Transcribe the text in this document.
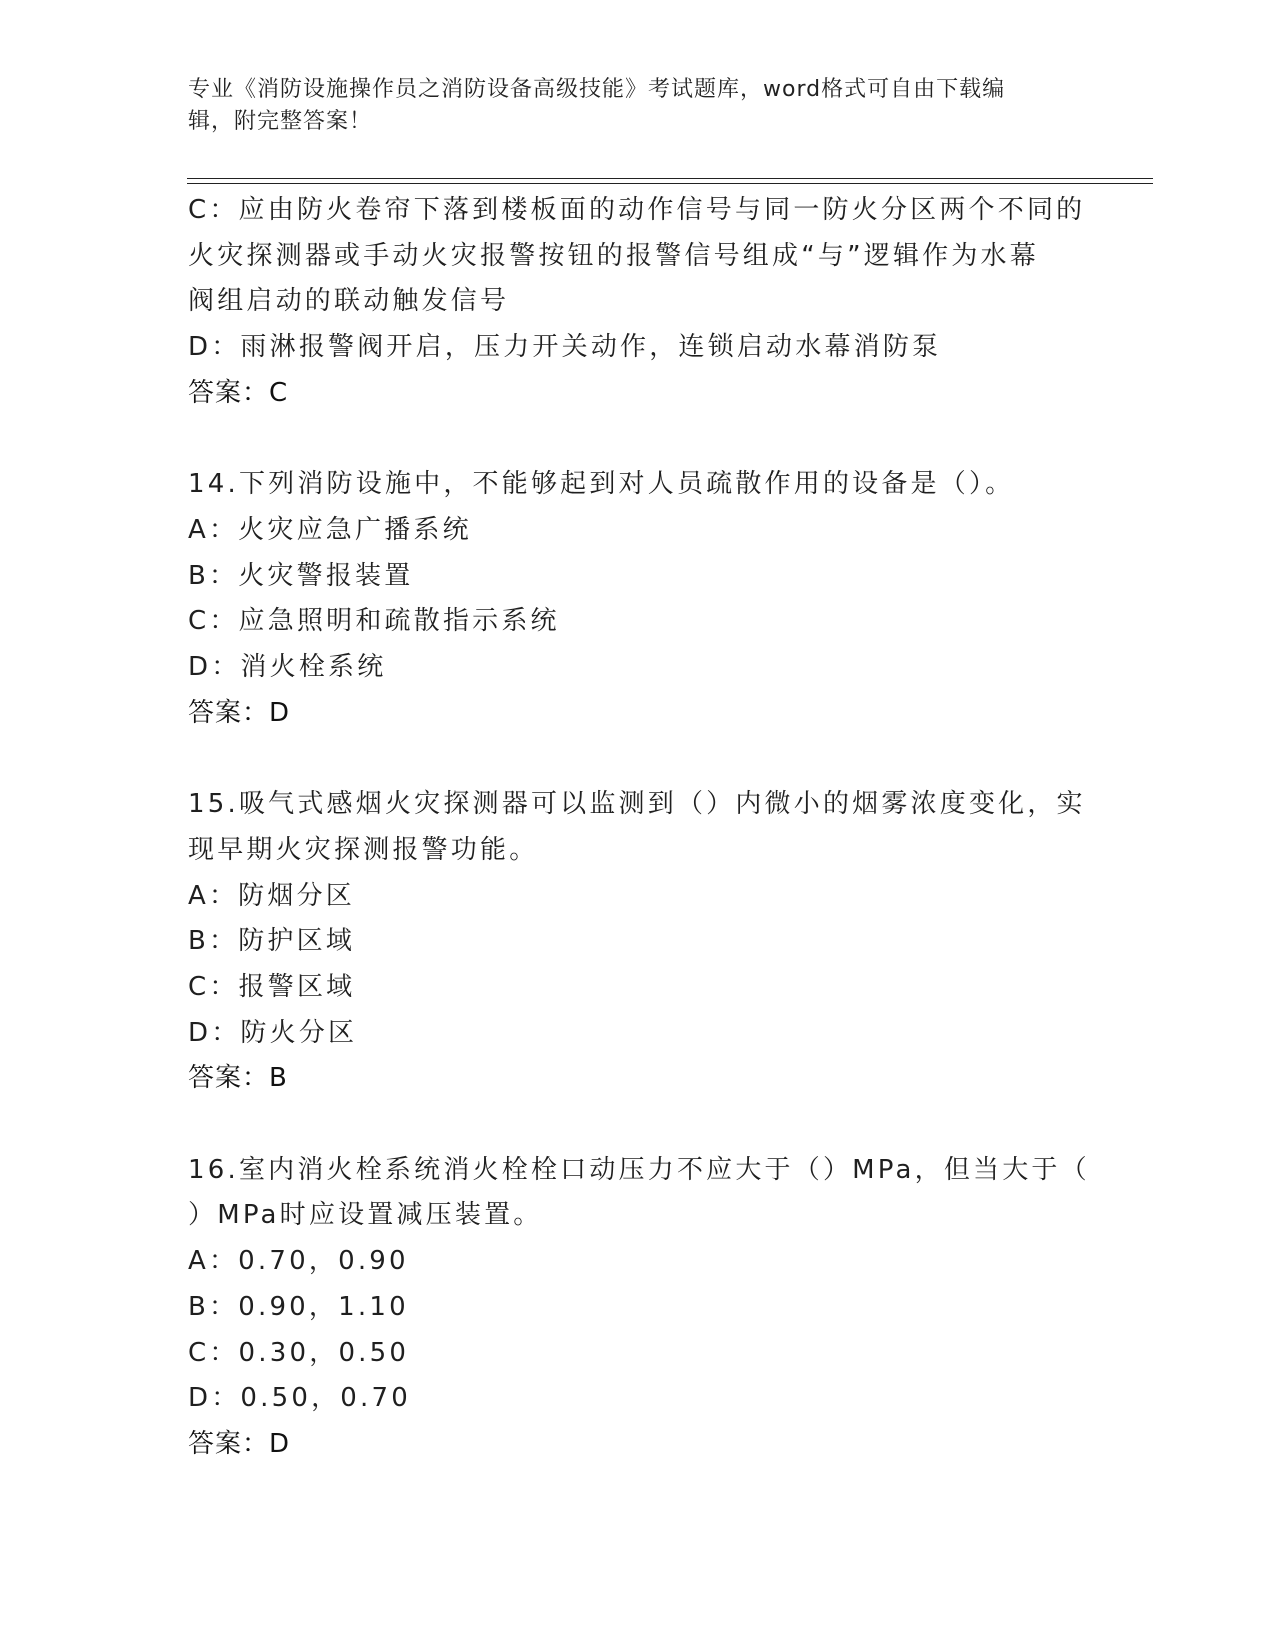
专业《消防设施操作员之消防设备高级技能》考试题库，word格式可自由下载编
辑，附完整答案！
C：应由防火卷帘下落到楼板面的动作信号与同一防火分区两个不同的
火灾探测器或手动火灾报警按钮的报警信号组成“与”逻辑作为水幕
阀组启动的联动触发信号
D：雨淋报警阀开启，压力开关动作，连锁启动水幕消防泵
答案：C
14.下列消防设施中，不能够起到对人员疏散作用的设备是（）。
A：火灾应急广播系统
B：火灾警报装置
C：应急照明和疏散指示系统
D：消火栓系统
答案：D
15.吸气式感烟火灾探测器可以监测到（）内微小的烟雾浓度变化，实
现早期火灾探测报警功能。
A：防烟分区
B：防护区域
C：报警区域
D：防火分区
答案：B
16.室内消火栓系统消火栓栓口动压力不应大于（）MPa，但当大于（
）MPa时应设置减压装置。
A：0.70，0.90
B：0.90，1.10
C：0.30，0.50
D：0.50，0.70
答案：D
